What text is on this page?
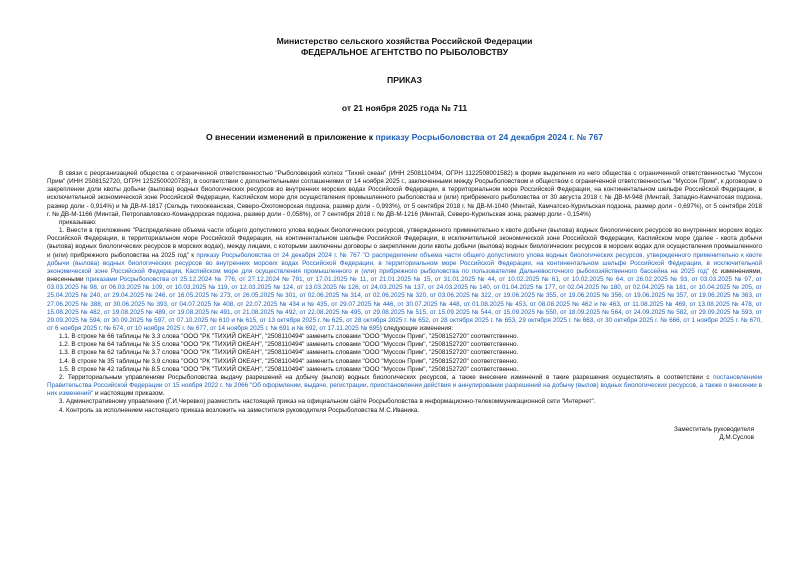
Министерство сельского хозяйства Российской Федерации
ФЕДЕРАЛЬНОЕ АГЕНТСТВО ПО РЫБОЛОВСТВУ
ПРИКАЗ
от 21 ноября 2025 года № 711
О внесении изменений в приложение к приказу Росрыболовства от 24 декабря 2024 г. № 767

В связи с реорганизацией общества с ограниченной ответственностью "Рыболовецкий колхоз "Тихий океан" (ИНН 2508110494, ОГРН 1122508001582) в форме выделения из него общества с ограниченной ответственностью "Муссон Прим" (ИНН 2508152720, ОГРН 1252500020783), в соответствии с дополнительными соглашениями от 14 ноября 2025 г., заключенными между Росрыболовством и обществом с ограниченной ответственностью "Муссон Прим", к договорам о закреплении доли квоты добычи (вылова) водных биологических ресурсов во внутренних морских водах Российской Федерации, в территориальном море Российской Федерации, на континентальном шельфе Российской Федерации, в исключительной экономической зоне Российской Федерации, Каспийском море для осуществления промышленного рыболовства и (или) прибрежного рыболовства от 30 августа 2018 г. № ДВ-М-948 (Минтай, Западно-Камчатская подзона, размер доли - 0,914%) и № ДВ-М-1817 (Сельдь тихоокеанская, Северо-Охотоморская подзона, размер доли - 0,993%), от 5 сентября 2018 г. № ДВ-М-1040 (Минтай, Камчатско-Курильская подзона, размер доли - 0,697%), от 5 сентября 2018 г. № ДВ-М-1166 (Минтай, Петропавловско-Командорская подзона, размер доли - 0,058%), от 7 сентября 2018 г. № ДВ-М-1216 (Минтай, Северо-Курильская зона, размер доли - 0,154%)

приказываю:

1. Внести в приложение "Распределение объема части общего допустимого улова водных биологических ресурсов, утвержденного применительно к квоте добычи (вылова) водных биологических ресурсов во внутренних морских водах Российской Федерации, в территориальном море Российской Федерации, на континентальном шельфе Российской Федерации, в исключительной экономической зоне Российской Федерации, Каспийском море (далее - квота добычи (вылова) водных биологических ресурсов в морских водах), между лицами, с которыми заключены договоры о закреплении доли квоты добычи (вылова) водных биологических ресурсов в морских водах для осуществления промышленного и (или) прибрежного рыболовства на 2025 год" к приказу Росрыболовства от 24 декабря 2024 г. № 767 "О распределении объема части общего допустимого улова водных биологических ресурсов, утвержденного применительно к квоте добычи (вылова) водных биологических ресурсов во внутренних морских водах Российской Федерации, в территориальном море Российской Федерации, на континентальном шельфе Российской Федерации, в исключительной экономической зоне Российской Федерации, Каспийском море для осуществления промышленного и (или) прибрежного рыболовства по пользователям Дальневосточного рыбохозяйственного бассейна на 2025 год" (с изменениями, внесенными приказами Росрыболовства от 25.12.2024 № 776, от 27.12.2024 № 791, от 17.01.2025 № 11, от 21.01.2025 № 15, от 31.01.2025 № 44, от 10.02.2025 № 61, от 10.02.2025 № 64, от 26.02.2025 № 93, от 03.03.2025 № 97, от 03.03.2025 № 98, от 06.03.2025 № 109, от 10.03.2025 № 119, от 12.03.2025 № 124, от 13.03.2025 № 126, от 24.03.2025 № 137, от 24.03.2025 № 140, от 01.04.2025 № 177, от 02.04.2025 № 180, от 02.04.2025 № 181, от 10.04.2025 № 205, от 25.04.2025 № 240, от 29.04.2025 № 246, от 16.05.2025 № 273, от 26.05.2025 № 301, от 02.06.2025 № 314, от 02.06.2025 № 320, от 03.06.2025 № 322, от 19.06.2025 № 355, от 19.06.2025 № 356, от 19.06.2025 № 357, от 19.06.2025 № 363, от 27.06.2025 № 388, от 30.06.2025 № 393, от 04.07.2025 № 408, от 22.07.2025 № 434 и № 435, от 29.07.2025 № 446, от 30.07.2025 № 448, от 01.08.2025 № 453, от 08.08.2025 № 462 и № 463, от 11.08.2025 № 469, от 13.08.2025 № 478, от 15.08.2025 № 482, от 19.08.2025 № 489, от 19.08.2025 № 491, от 21.08.2025 № 492, от 22.08.2025 № 495, от 29.08.2025 № 515, от 15.09.2025 № 544, от 15.09.2025 № 550, от 18.09.2025 № 564, от 24.09.2025 № 582, от 29.09.2025 № 593, от 29.09.2025 № 594, от 30.09.2025 № 597, от 07.10.2025 № 610 и № 615, от 13 октября 2025 г. № 625, от 28 октября 2025 г. № 652, от 28 октября 2025 г. № 653, 29 октября 2025 г. № 663, от 30 октября 2025 г. № 666, от 1 ноября 2025 г. № 670, от 6 ноября 2025 г. № 674, от 10 ноября 2025 г. № 677, от 14 ноября 2025 г. № 691 и № 692, от 17.11.2025 № 695) следующие изменения:

1.1. В строке № 66 таблицы № 3.3 слова "ООО "РК "ТИХИЙ ОКЕАН", "2508110494" заменить словами "ООО "Муссон Прим", "2508152720" соответственно.

1.2. В строке № 64 таблицы № 3.5 слова "ООО "РК "ТИХИЙ ОКЕАН", "2508110494" заменить словами "ООО "Муссон Прим", "2508152720" соответственно.

1.3. В строке № 62 таблицы № 3.7 слова "ООО "РК "ТИХИЙ ОКЕАН", "2508110494" заменить словами "ООО "Муссон Прим", "2508152720" соответственно.

1.4. В строке № 35 таблицы № 3.9 слова "ООО "РК "ТИХИЙ ОКЕАН", "2508110494" заменить словами "ООО "Муссон Прим", "2508152720" соответственно.

1.5. В строке № 42 таблицы № 8.5 слова "ООО "РК "ТИХИЙ ОКЕАН", "2508110494" заменить словами "ООО "Муссон Прим", "2508152720" соответственно.

2. Территориальным управлениям Росрыболовства выдачу разрешений на добычу (вылов) водных биологических ресурсов, а также внесение изменений в такие разрешения осуществлять в соответствии с постановлением Правительства Российской Федерации от 15 ноября 2022 г. № 2066 "Об оформлении, выдаче, регистрации, приостановлении действия и аннулировании разрешений на добычу (вылов) водных биологических ресурсов, а также о внесении в них изменений" и настоящим приказом.

3. Административному управлению (Г.И.Черевко) разместить настоящий приказ на официальном сайте Росрыболовства в информационно-телекоммуникационной сети "Интернет".

4. Контроль за исполнением настоящего приказа возложить на заместителя руководителя Росрыболовства М.С.Иваника.

Заместитель руководителя
Д.М.Суслов
